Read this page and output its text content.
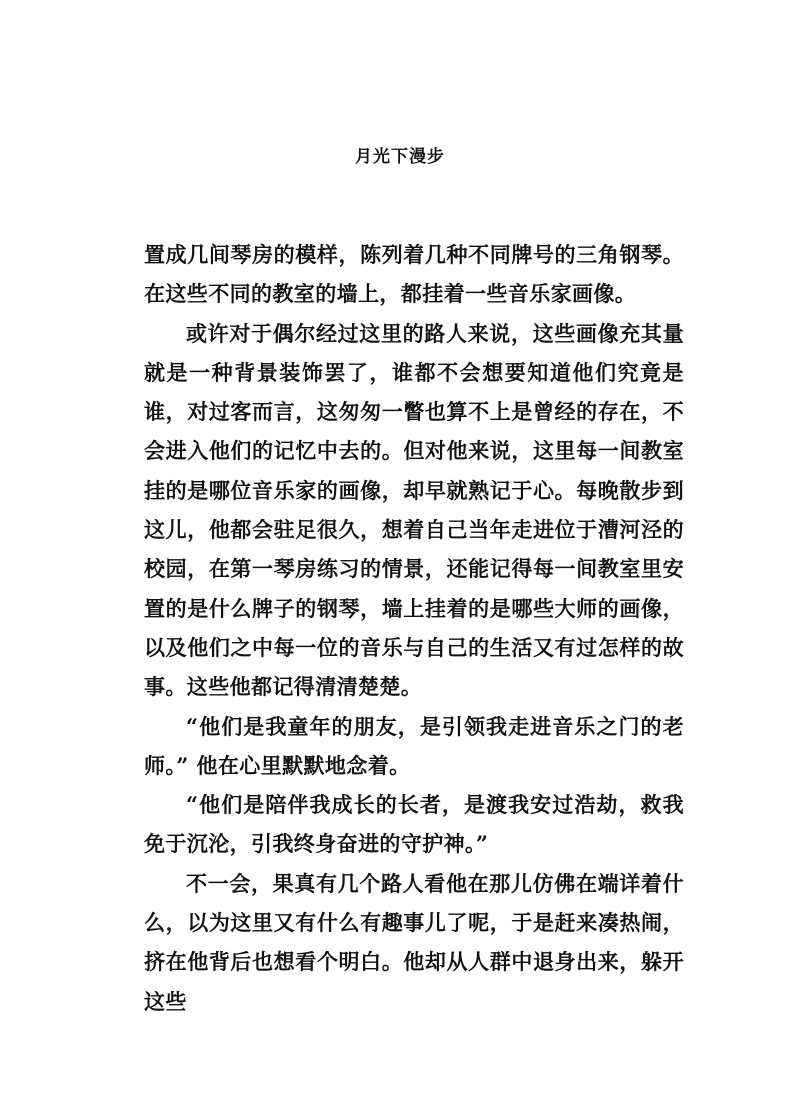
月光下漫步

置成几间琴房的模样，陈列着几种不同牌号的三角钢琴。在这些不同的教室的墙上，都挂着一些音乐家画像。

或许对于偶尔经过这里的路人来说，这些画像充其量就是一种背景装饰罢了，谁都不会想要知道他们究竟是谁，对过客而言，这匆匆一瞥也算不上是曾经的存在，不会进入他们的记忆中去的。但对他来说，这里每一间教室挂的是哪位音乐家的画像，却早就熟记于心。每晚散步到这儿，他都会驻足很久，想着自己当年走进位于漕河泾的校园，在第一琴房练习的情景，还能记得每一间教室里安置的是什么牌子的钢琴，墙上挂着的是哪些大师的画像，以及他们之中每一位的音乐与自己的生活又有过怎样的故事。这些他都记得清清楚楚。

“他们是我童年的朋友，是引领我走进音乐之门的老师。” 他在心里默默地念着。

“他们是陪伴我成长的长者，是渡我安过浩劫，救我免于沉沦，引我终身奋进的守护神。”

不一会，果真有几个路人看他在那儿仿佛在端详着什么，以为这里又有什么有趣事儿了呢，于是赶来凑热闹，挤在他背后也想看个明白。他却从人群中退身出来，躲开这些
